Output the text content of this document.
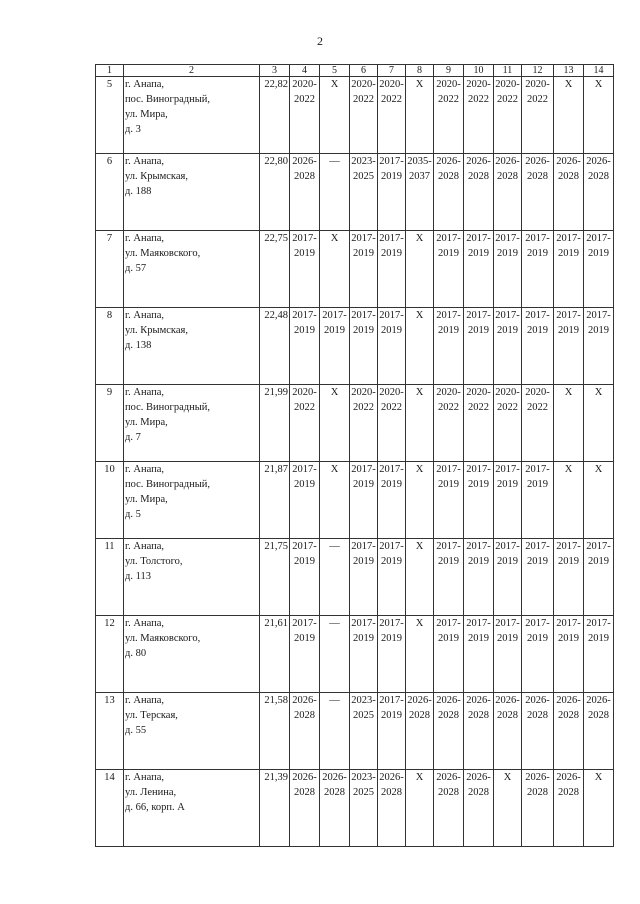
2
1	2	3	4	5	6	7	8	9	10	11	12	13	14
5	г. Анапа,
пос. Виноградный,
ул. Мира,
д. 3	22,82	2020-
2022	Х	2020-
2022	2020-
2022	Х	2020-
2022	2020-
2022	2020-
2022	2020-
2022	Х	Х
6	г. Анапа,
ул. Крымская,
д. 188	22,80	2026-
2028	—	2023-
2025	2017-
2019	2035-
2037	2026-
2028	2026-
2028	2026-
2028	2026-
2028	2026-
2028	2026-
2028
7	г. Анапа,
ул. Маяковского,
д. 57	22,75	2017-
2019	Х	2017-
2019	2017-
2019	Х	2017-
2019	2017-
2019	2017-
2019	2017-
2019	2017-
2019	2017-
2019
8	г. Анапа,
ул. Крымская,
д. 138	22,48	2017-
2019	2017-
2019	2017-
2019	2017-
2019	Х	2017-
2019	2017-
2019	2017-
2019	2017-
2019	2017-
2019	2017-
2019
9	г. Анапа,
пос. Виноградный,
ул. Мира,
д. 7	21,99	2020-
2022	Х	2020-
2022	2020-
2022	Х	2020-
2022	2020-
2022	2020-
2022	2020-
2022	Х	Х
10	г. Анапа,
пос. Виноградный,
ул. Мира,
д. 5	21,87	2017-
2019	Х	2017-
2019	2017-
2019	Х	2017-
2019	2017-
2019	2017-
2019	2017-
2019	Х	Х
11	г. Анапа,
ул. Толстого,
д. 113	21,75	2017-
2019	—	2017-
2019	2017-
2019	Х	2017-
2019	2017-
2019	2017-
2019	2017-
2019	2017-
2019	2017-
2019
12	г. Анапа,
ул. Маяковского,
д. 80	21,61	2017-
2019	—	2017-
2019	2017-
2019	Х	2017-
2019	2017-
2019	2017-
2019	2017-
2019	2017-
2019	2017-
2019
13	г. Анапа,
ул. Терская,
д. 55	21,58	2026-
2028	—	2023-
2025	2017-
2019	2026-
2028	2026-
2028	2026-
2028	2026-
2028	2026-
2028	2026-
2028	2026-
2028
14	г. Анапа,
ул. Ленина,
д. 66, корп. А	21,39	2026-
2028	2026-
2028	2023-
2025	2026-
2028	Х	2026-
2028	2026-
2028	Х	2026-
2028	2026-
2028	Х
